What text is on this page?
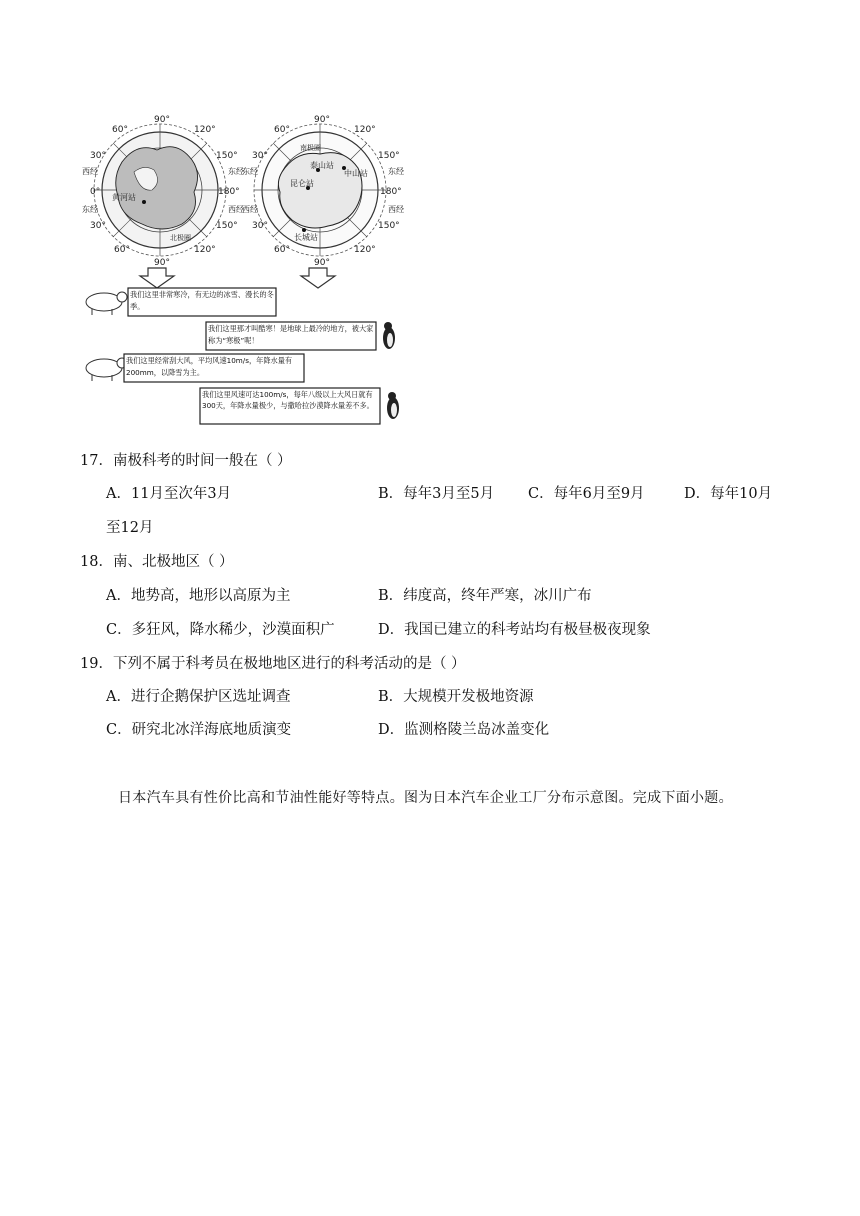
90°
60°
30°
0°
30°
60°
90°
120°
150°
180°
150°
120°
西经
东经
东经
西经
黄河站
北极圈
90°
60°
30°	150°
180°
150°
120°
60°
30°
90°
120°
东经
西经
东经
西经
泰山站
昆仑站
长城站
中山站
南极圈
我们这里非常寒冷，有无边的冰雪、漫长的冬季。
我们这里那才叫酷寒！是地球上最冷的地方，被大家称为“寒极”呢！
我们这里经常刮大风，平均风速10m/s，年降水量有200mm，以降雪为主。
我们这里风速可达100m/s，每年八级以上大风日就有300天，年降水量极少，与撒哈拉沙漠降水量差不多。
17．南极科考的时间一般在（ ）
A．11月至次年3月	B．每年3月至5月 C．每年6月至9月	D．每年10月
至12月
18．南、北极地区（ ）
A．地势高，地形以高原为主	B．纬度高，终年严寒，冰川广布
C．多狂风，降水稀少，沙漠面积广	D．我国已建立的科考站均有极昼极夜现象
19．下列不属于科考员在极地地区进行的科考活动的是（ ）
A．进行企鹅保护区选址调查	B．大规模开发极地资源
C．研究北冰洋海底地质演变	D．监测格陵兰岛冰盖变化
日本汽车具有性价比高和节油性能好等特点。图为日本汽车企业工厂分布示意图。完成下面小题。
